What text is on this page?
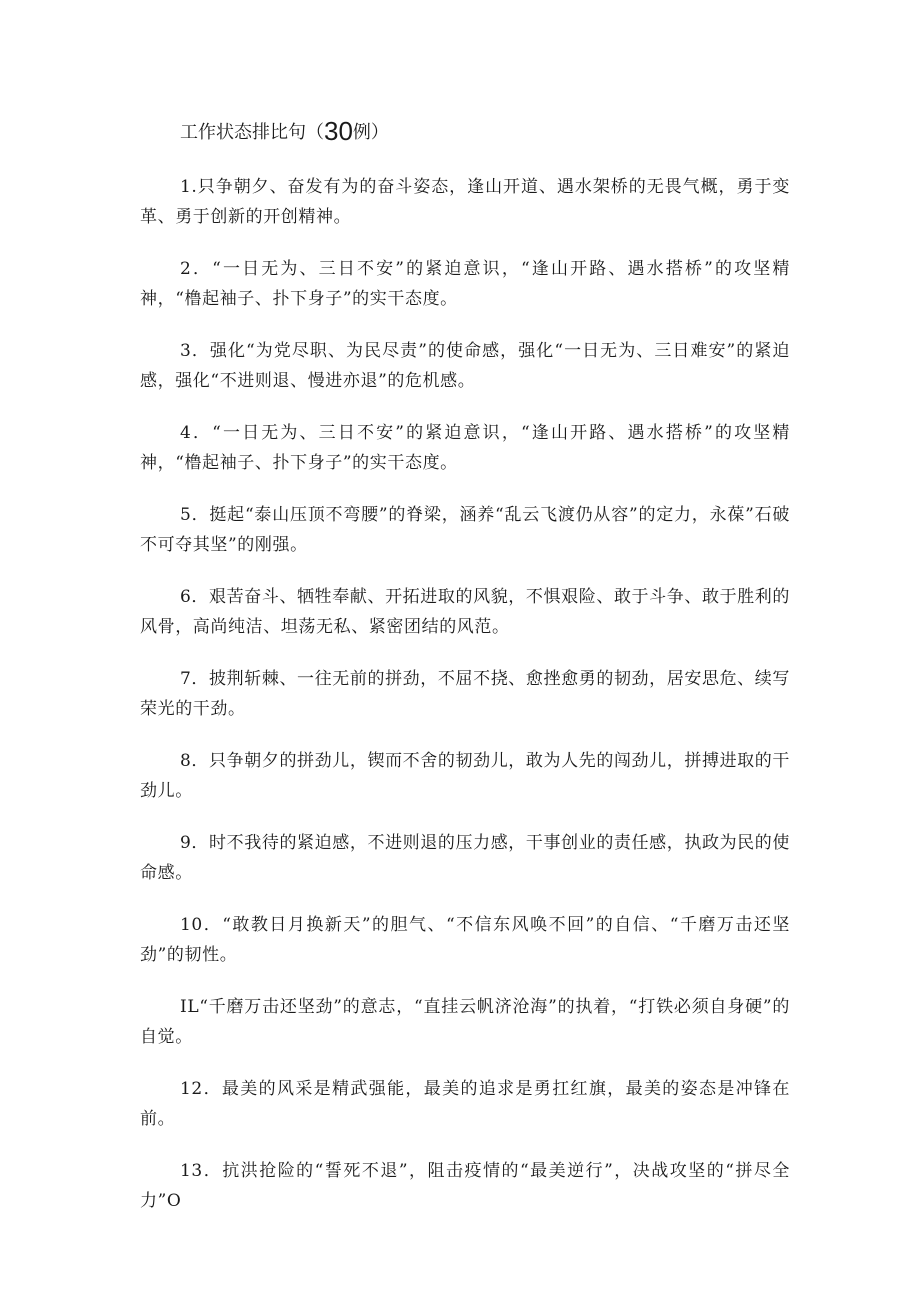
工作状态排比句（30例）

1.只争朝夕、奋发有为的奋斗姿态，逢山开道、遇水架桥的无畏气概，勇于变革、勇于创新的开创精神。

2．“一日无为、三日不安”的紧迫意识，“逢山开路、遇水搭桥”的攻坚精神，“橹起袖子、扑下身子”的实干态度。

3．强化“为党尽职、为民尽责”的使命感，强化“一日无为、三日难安”的紧迫感，强化“不进则退、慢进亦退”的危机感。

4．“一日无为、三日不安”的紧迫意识，“逢山开路、遇水搭桥”的攻坚精神，“橹起袖子、扑下身子”的实干态度。

5．挺起“泰山压顶不弯腰”的脊梁，涵养“乱云飞渡仍从容”的定力，永葆”石破不可夺其坚”的刚强。

6．艰苦奋斗、牺牲奉献、开拓进取的风貌，不惧艰险、敢于斗争、敢于胜利的风骨，高尚纯洁、坦荡无私、紧密团结的风范。

7．披荆斩棘、一往无前的拼劲，不屈不挠、愈挫愈勇的韧劲，居安思危、续写荣光的干劲。

8．只争朝夕的拼劲儿，锲而不舍的韧劲儿，敢为人先的闯劲儿，拼搏进取的干劲儿。

9．时不我待的紧迫感，不进则退的压力感，干事创业的责任感，执政为民的使命感。

10．“敢教日月换新天”的胆气、“不信东风唤不回”的自信、“千磨万击还坚劲”的韧性。

IL“千磨万击还坚劲”的意志，“直挂云帆济沧海”的执着，“打铁必须自身硬”的自觉。

12．最美的风采是精武强能，最美的追求是勇扛红旗，最美的姿态是冲锋在前。

13．抗洪抢险的“誓死不退”，阻击疫情的“最美逆行”，决战攻坚的“拼尽全力”O
